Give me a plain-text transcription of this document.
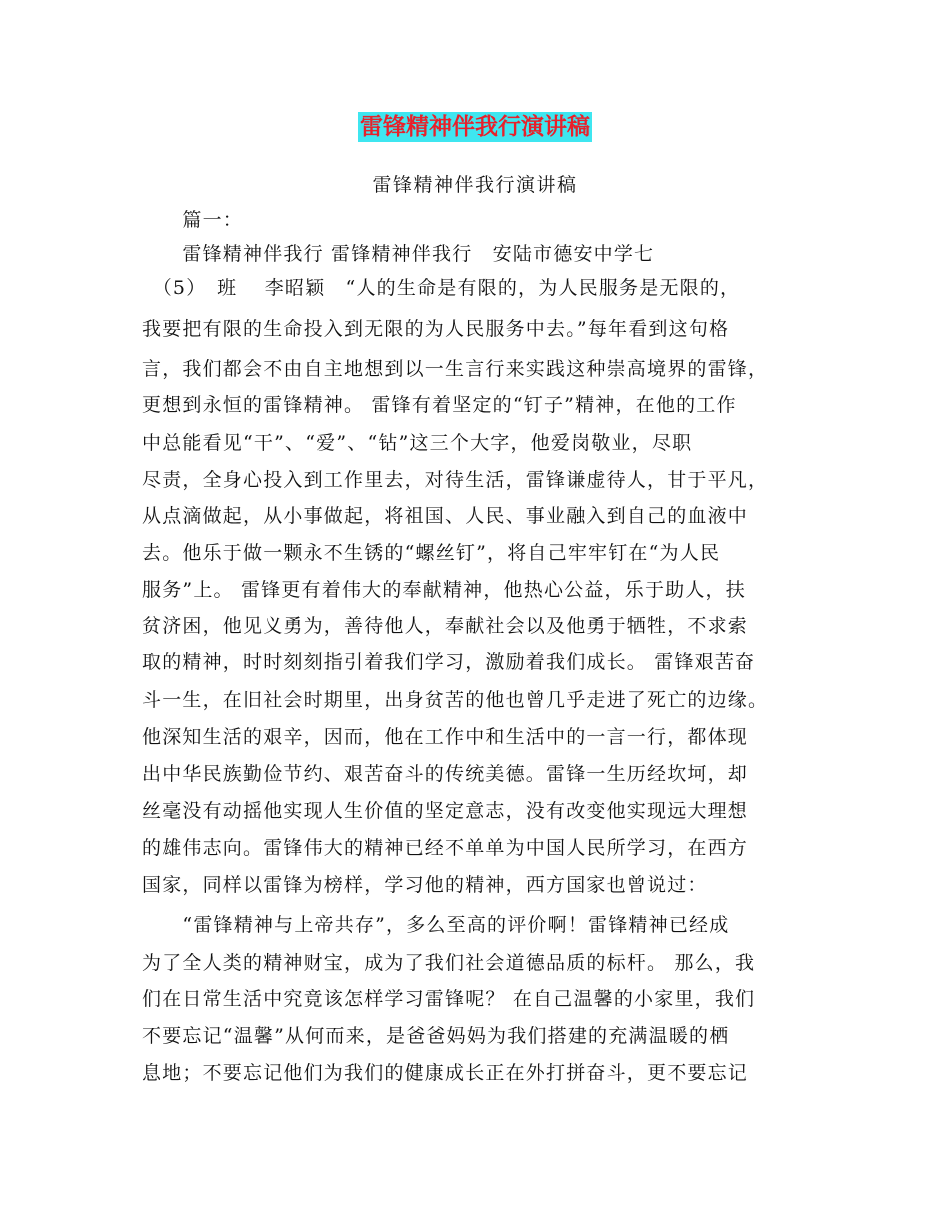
雷锋精神伴我行演讲稿
雷锋精神伴我行演讲稿
　　篇一：
　　雷锋精神伴我行 雷锋精神伴我行　安陆市德安中学七
　（5）　班　 李昭颖　“人的生命是有限的，为人民服务是无限的，
我要把有限的生命投入到无限的为人民服务中去。”每年看到这句格
言，我们都会不由自主地想到以一生言行来实践这种崇高境界的雷锋，
更想到永恒的雷锋精神。 雷锋有着坚定的“钉子”精神，在他的工作
中总能看见“干”、“爱”、“钻”这三个大字，他爱岗敬业，尽职
尽责，全身心投入到工作里去，对待生活，雷锋谦虚待人，甘于平凡，
从点滴做起，从小事做起，将祖国、人民、事业融入到自己的血液中
去。他乐于做一颗永不生锈的“螺丝钉”，将自己牢牢钉在“为人民
服务”上。 雷锋更有着伟大的奉献精神，他热心公益，乐于助人，扶
贫济困，他见义勇为，善待他人，奉献社会以及他勇于牺牲，不求索
取的精神，时时刻刻指引着我们学习，激励着我们成长。 雷锋艰苦奋
斗一生，在旧社会时期里，出身贫苦的他也曾几乎走进了死亡的边缘。
他深知生活的艰辛，因而，他在工作中和生活中的一言一行，都体现
出中华民族勤俭节约、艰苦奋斗的传统美德。雷锋一生历经坎坷，却
丝毫没有动摇他实现人生价值的坚定意志，没有改变他实现远大理想
的雄伟志向。雷锋伟大的精神已经不单单为中国人民所学习，在西方
国家，同样以雷锋为榜样，学习他的精神，西方国家也曾说过：
　　“雷锋精神与上帝共存”，多么至高的评价啊！雷锋精神已经成
为了全人类的精神财宝，成为了我们社会道德品质的标杆。 那么，我
们在日常生活中究竟该怎样学习雷锋呢？ 在自己温馨的小家里，我们
不要忘记“温馨”从何而来，是爸爸妈妈为我们搭建的充满温暖的栖
息地；不要忘记他们为我们的健康成长正在外打拼奋斗，更不要忘记
